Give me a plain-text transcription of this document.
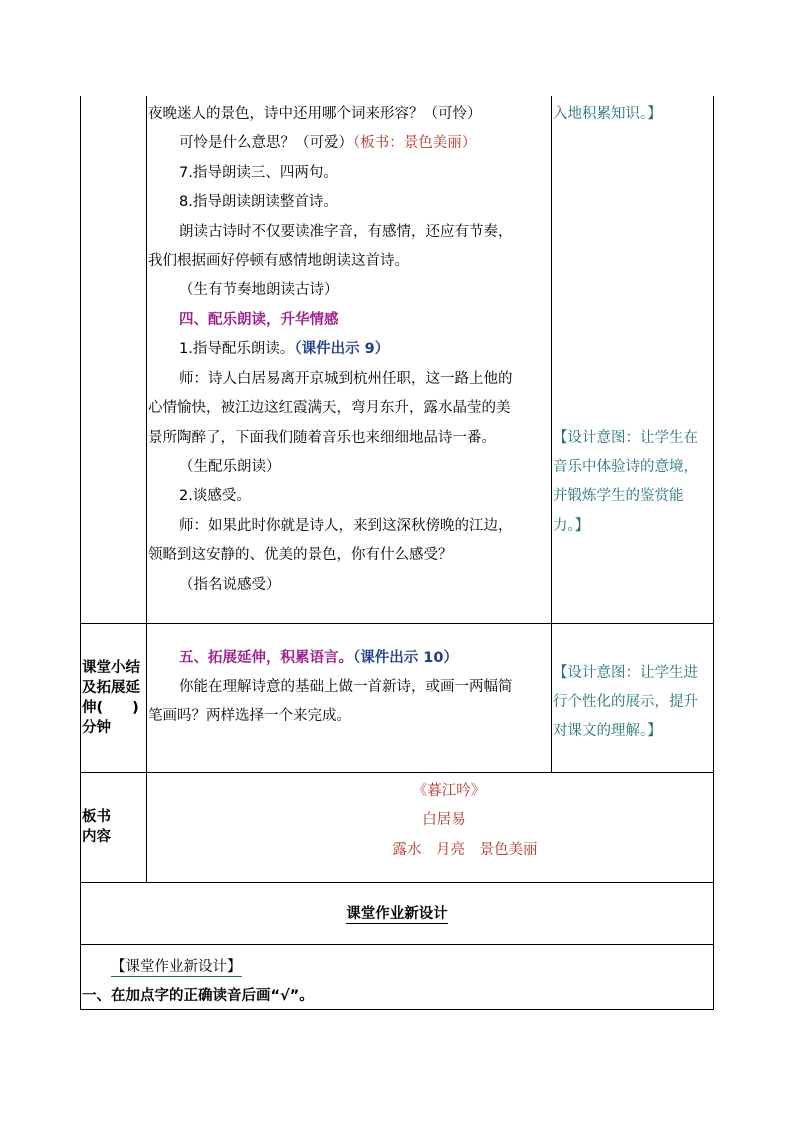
夜晚迷人的景色，诗中还用哪个词来形容？（可怜）
可怜是什么意思？（可爱）（板书：景色美丽）
7.指导朗读三、四两句。
8.指导朗读朗读整首诗。
朗读古诗时不仅要读准字音，有感情，还应有节奏，
我们根据画好停顿有感情地朗读这首诗。
（生有节奏地朗读古诗）
四、配乐朗读，升华情感
1.指导配乐朗读。（课件出示 9）
师：诗人白居易离开京城到杭州任职，这一路上他的
心情愉快，被江边这红霞满天，弯月东升，露水晶莹的美
景所陶醉了，下面我们随着音乐也来细细地品诗一番。
（生配乐朗读）
2.谈感受。
师：如果此时你就是诗人，来到这深秋傍晚的江边，
领略到这安静的、优美的景色，你有什么感受？
（指名说感受）
入地积累知识。】
【设计意图：让学生在
音乐中体验诗的意境，
并锻炼学生的鉴赏能
力。】
课堂小结
及拓展延
伸(　　)
分钟
五、拓展延伸，积累语言。（课件出示 10）
你能在理解诗意的基础上做一首新诗，或画一两幅简
笔画吗？两样选择一个来完成。
【设计意图：让学生进
行个性化的展示，提升
对课文的理解。】
板书
内容
《暮江吟》
白居易
露水　月亮　景色美丽
课堂作业新设计
【课堂作业新设计】
一、在加点字的正确读音后画“√”。
